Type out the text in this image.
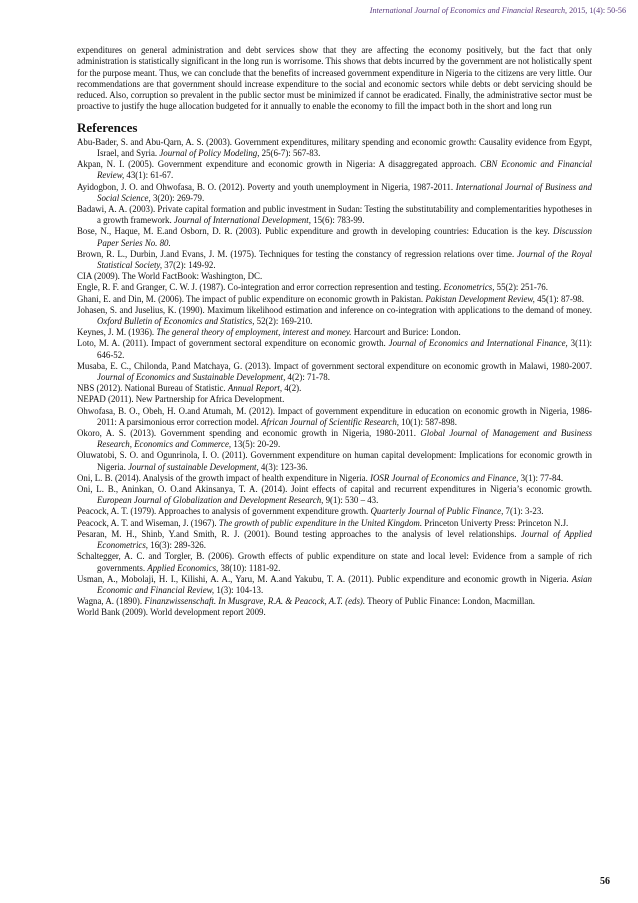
International Journal of Economics and Financial Research, 2015, 1(4): 50-56

expenditures on general administration and debt services show that they are affecting the economy positively, but the fact that only administration is statistically significant in the long run is worrisome. This shows that debts incurred by the government are not holistically spent for the purpose meant. Thus, we can conclude that the benefits of increased government expenditure in Nigeria to the citizens are very little. Our recommendations are that government should increase expenditure to the social and economic sectors while debts or debt servicing should be reduced. Also, corruption so prevalent in the public sector must be minimized if cannot be eradicated. Finally, the administrative sector must be proactive to justify the huge allocation budgeted for it annually to enable the economy to fill the impact both in the short and long run

References

Abu-Bader, S. and Abu-Qarn, A. S. (2003). Government expenditures, military spending and economic growth: Causality evidence from Egypt, Israel, and Syria. Journal of Policy Modeling, 25(6-7): 567-83.

Akpan, N. I. (2005). Government expenditure and economic growth in Nigeria: A disaggregated approach. CBN Economic and Financial Review, 43(1): 61-67.

Ayidogbon, J. O. and Ohwofasa, B. O. (2012). Poverty and youth unemployment in Nigeria, 1987-2011. International Journal of Business and Social Science, 3(20): 269-79.

Badawi, A. A. (2003). Private capital formation and public investment in Sudan: Testing the substitutability and complementarities hypotheses in a growth framework. Journal of International Development, 15(6): 783-99.

Bose, N., Haque, M. E.and Osborn, D. R. (2003). Public expenditure and growth in developing countries: Education is the key. Discussion Paper Series No. 80.

Brown, R. L., Durbin, J.and Evans, J. M. (1975). Techniques for testing the constancy of regression relations over time. Journal of the Royal Statistical Society, 37(2): 149-92.

CIA (2009). The World FactBook: Washington, DC.

Engle, R. F. and Granger, C. W. J. (1987). Co-integration and error correction represention and testing. Econometrics, 55(2): 251-76.

Ghani, E. and Din, M. (2006). The impact of public expenditure on economic growth in Pakistan. Pakistan Development Review, 45(1): 87-98.

Johasen, S. and Juselius, K. (1990). Maximum likelihood estimation and inference on co-integration with applications to the demand of money. Oxford Bulletin of Economics and Statistics, 52(2): 169-210.

Keynes, J. M. (1936). The general theory of employment, interest and money. Harcourt and Burice: London.

Loto, M. A. (2011). Impact of government sectoral expenditure on economic growth. Journal of Economics and International Finance, 3(11): 646-52.

Musaba, E. C., Chilonda, P.and Matchaya, G. (2013). Impact of government sectoral expenditure on economic growth in Malawi, 1980-2007. Journal of Economics and Sustainable Development, 4(2): 71-78.

NBS (2012). National Bureau of Statistic. Annual Report, 4(2).

NEPAD (2011). New Partnership for Africa Development.

Ohwofasa, B. O., Obeh, H. O.and Atumah, M. (2012). Impact of government expenditure in education on economic growth in Nigeria, 1986-2011: A parsimonious error correction model. African Journal of Scientific Research, 10(1): 587-898.

Okoro, A. S. (2013). Government spending and economic growth in Nigeria, 1980-2011. Global Journal of Management and Business Research, Economics and Commerce, 13(5): 20-29.

Oluwatobi, S. O. and Ogunrinola, I. O. (2011). Government expenditure on human capital development: Implications for economic growth in Nigeria. Journal of sustainable Development, 4(3): 123-36.

Oni, L. B. (2014). Analysis of the growth impact of health expenditure in Nigeria. IOSR Journal of Economics and Finance, 3(1): 77-84.

Oni, L. B., Aninkan, O. O.and Akinsanya, T. A. (2014). Joint effects of capital and recurrent expenditures in Nigeria’s economic growth. European Journal of Globalization and Development Research, 9(1): 530 – 43.

Peacock, A. T. (1979). Approaches to analysis of government expenditure growth. Quarterly Journal of Public Finance, 7(1): 3-23.

Peacock, A. T. and Wiseman, J. (1967). The growth of public expenditure in the United Kingdom. Princeton Univerty Press: Princeton N.J.

Pesaran, M. H., Shinb, Y.and Smith, R. J. (2001). Bound testing approaches to the analysis of level relationships. Journal of Applied Econometrics, 16(3): 289-326.

Schaltegger, A. C. and Torgler, B. (2006). Growth effects of public expenditure on state and local level: Evidence from a sample of rich governments. Applied Economics, 38(10): 1181-92.

Usman, A., Mobolaji, H. I., Kilishi, A. A., Yaru, M. A.and Yakubu, T. A. (2011). Public expenditure and economic growth in Nigeria. Asian Economic and Financial Review, 1(3): 104-13.

Wagna, A. (1890). Finanzwissenschaft. In Musgrave, R.A. & Peacock, A.T. (eds). Theory of Public Finance: London, Macmillan.

World Bank (2009). World development report 2009.

56
